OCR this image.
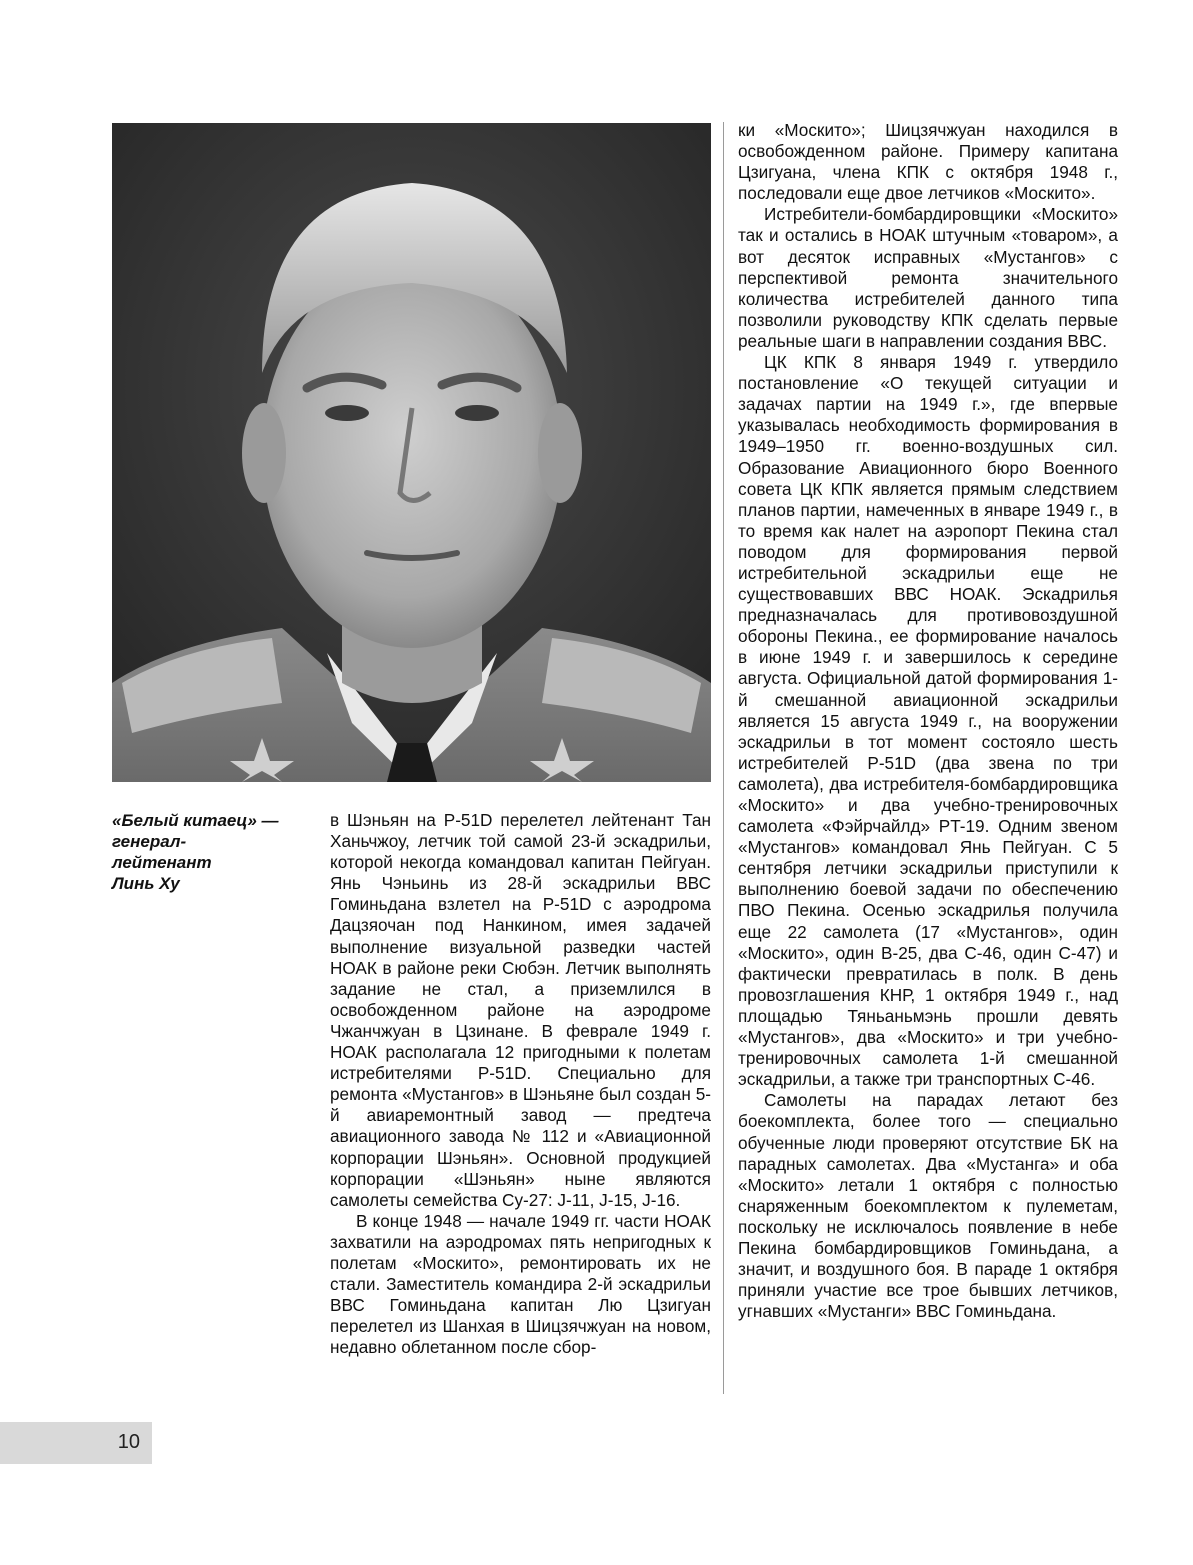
«Белый китаец» —
генерал-
лейтенант
Линь Ху

в Шэньян на P-51D перелетел лейтенант Тан Ханьчжоу, летчик той самой 23-й эскадрильи, которой некогда командовал капитан Пейгуан. Янь Чэньинь из 28-й эскадрильи ВВС Гоминьдана взлетел на P-51D с аэродрома Дацзяочан под Нанкином, имея задачей выполнение визуальной разведки частей НОАК в районе реки Сюбэн. Летчик выполнять задание не стал, а приземлился в освобожденном районе на аэродроме Чжанчжуан в Цзинане. В феврале 1949 г. НОАК располагала 12 пригодными к полетам истребителями P-51D. Специально для ремонта «Мустангов» в Шэньяне был создан 5-й авиаремонтный завод — предтеча авиационного завода № 112 и «Авиационной корпорации Шэньян». Основной продукцией корпорации «Шэньян» ныне являются самолеты семейства Су-27: J-11, J-15, J-16.

В конце 1948 — начале 1949 гг. части НОАК захватили на аэродромах пять непригодных к полетам «Москито», ремонтировать их не стали. Заместитель командира 2-й эскадрильи ВВС Гоминьдана капитан Лю Цзигуан перелетел из Шанхая в Шицзячжуан на новом, недавно облетанном после сбор-

ки «Москито»; Шицзячжуан находился в освобожденном районе. Примеру капитана Цзигуана, члена КПК с октября 1948 г., последовали еще двое летчиков «Москито».

Истребители-бомбардировщики «Москито» так и остались в НОАК штучным «товаром», а вот десяток исправных «Мустангов» с перспективой ремонта значительного количества истребителей данного типа позволили руководству КПК сделать первые реальные шаги в направлении создания ВВС.

ЦК КПК 8 января 1949 г. утвердило постановление «О текущей ситуации и задачах партии на 1949 г.», где впервые указывалась необходимость формирования в 1949–1950 гг. военно-воздушных сил. Образование Авиационного бюро Военного совета ЦК КПК является прямым следствием планов партии, намеченных в январе 1949 г., в то время как налет на аэропорт Пекина стал поводом для формирования первой истребительной эскадрильи еще не существовавших ВВС НОАК. Эскадрилья предназначалась для противовоздушной обороны Пекина., ее формирование началось в июне 1949 г. и завершилось к середине августа. Официальной датой формирования 1-й смешанной авиационной эскадрильи является 15 августа 1949 г., на вооружении эскадрильи в тот момент состояло шесть истребителей P-51D (два звена по три самолета), два истребителя-бомбардировщика «Москито» и два учебно-тренировочных самолета «Фэйрчайлд» PT-19. Одним звеном «Мустангов» командовал Янь Пейгуан. С 5 сентября летчики эскадрильи приступили к выполнению боевой задачи по обеспечению ПВО Пекина. Осенью эскадрилья получила еще 22 самолета (17 «Мустангов», один «Москито», один B-25, два C-46, один C-47) и фактически превратилась в полк. В день провозглашения КНР, 1 октября 1949 г., над площадью Тяньаньмэнь прошли девять «Мустангов», два «Москито» и три учебно-тренировочных самолета 1-й смешанной эскадрильи, а также три транспортных C-46.

Самолеты на парадах летают без боекомплекта, более того — специально обученные люди проверяют отсутствие БК на парадных самолетах. Два «Мустанга» и оба «Москито» летали 1 октября с полностью снаряженным боекомплектом к пулеметам, поскольку не исключалось появление в небе Пекина бомбардировщиков Гоминьдана, а значит, и воздушного боя. В параде 1 октября приняли участие все трое бывших летчиков, угнавших «Мустанги» ВВС Гоминьдана.

10
